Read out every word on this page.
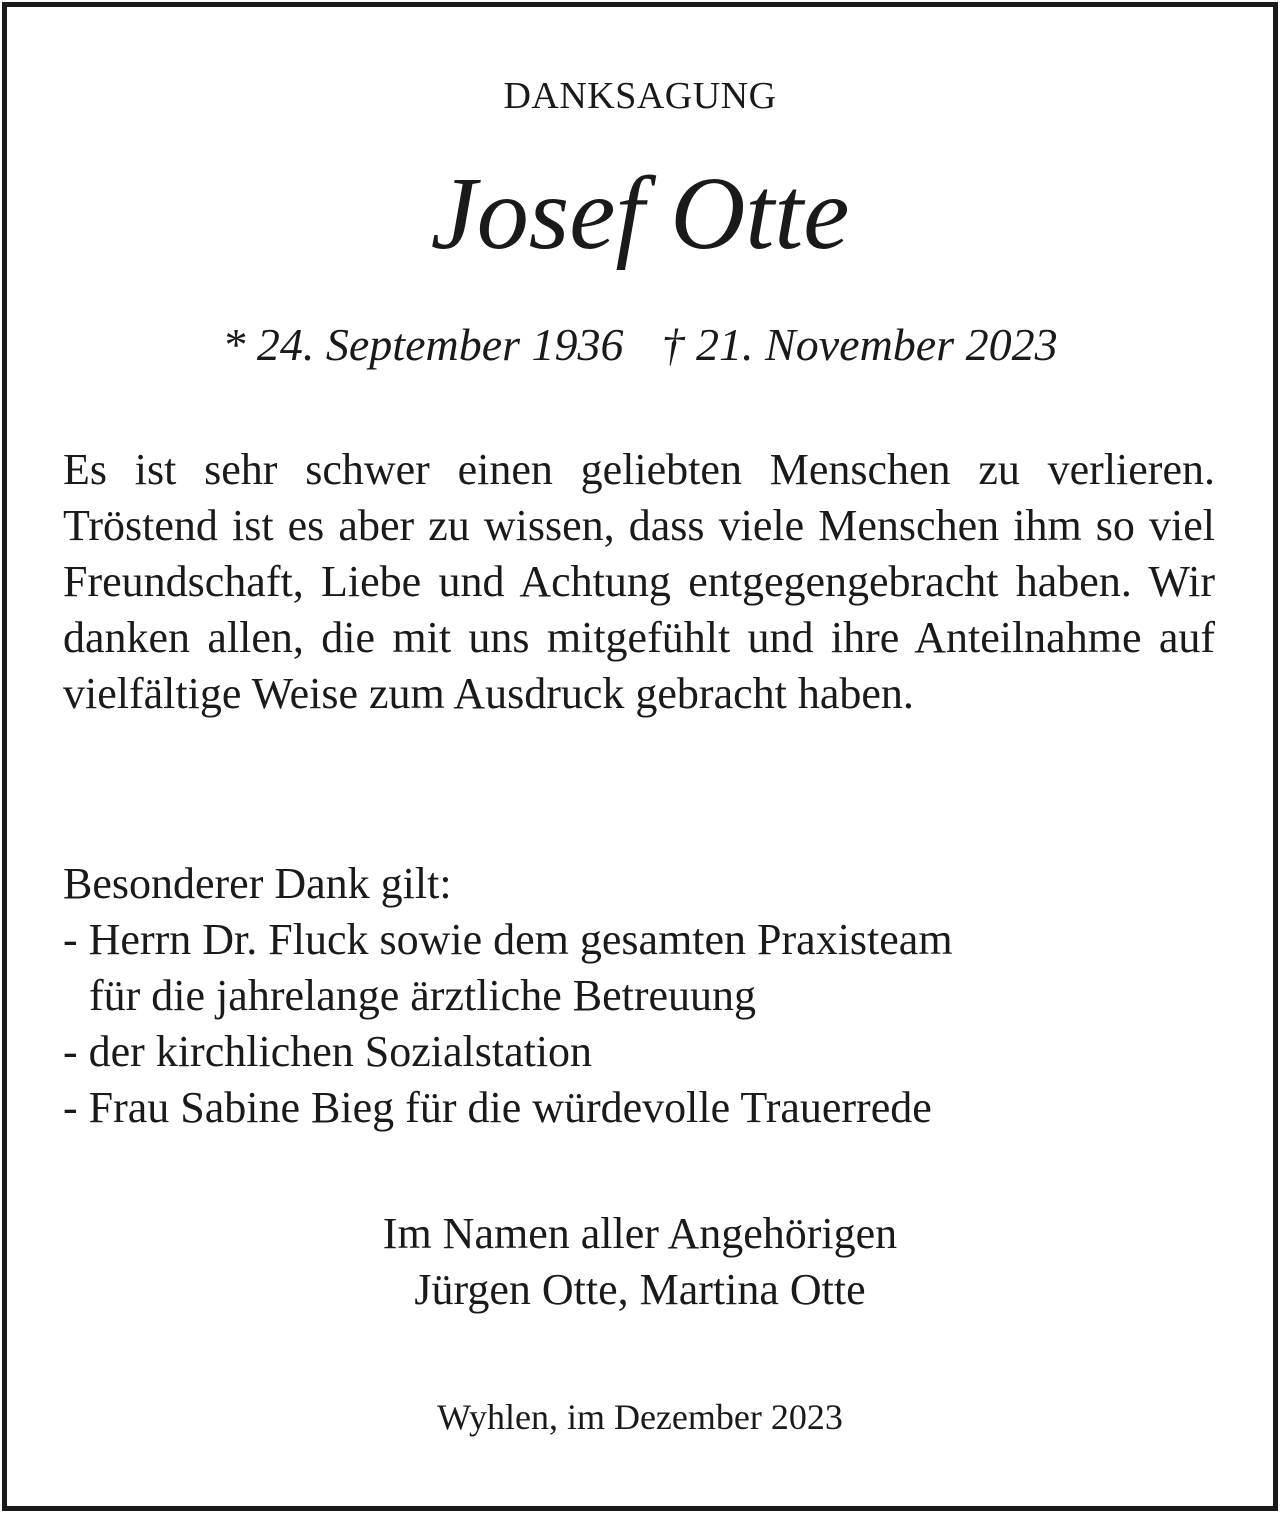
DANKSAGUNG
Josef Otte
* 24. September 1936 † 21. November 2023
Es ist sehr schwer einen geliebten Menschen zu verlieren. Tröstend ist es aber zu wissen, dass viele Menschen ihm so viel Freundschaft, Liebe und Achtung entgegengebracht haben. Wir danken allen, die mit uns mitgefühlt und ihre Anteilnahme auf vielfältige Weise zum Ausdruck gebracht haben.
Besonderer Dank gilt:
- Herrn Dr. Fluck sowie dem gesamten Praxisteam
für die jahrelange ärztliche Betreuung
- der kirchlichen Sozialstation
- Frau Sabine Bieg für die würdevolle Trauerrede
Im Namen aller Angehörigen
Jürgen Otte, Martina Otte
Wyhlen, im Dezember 2023
